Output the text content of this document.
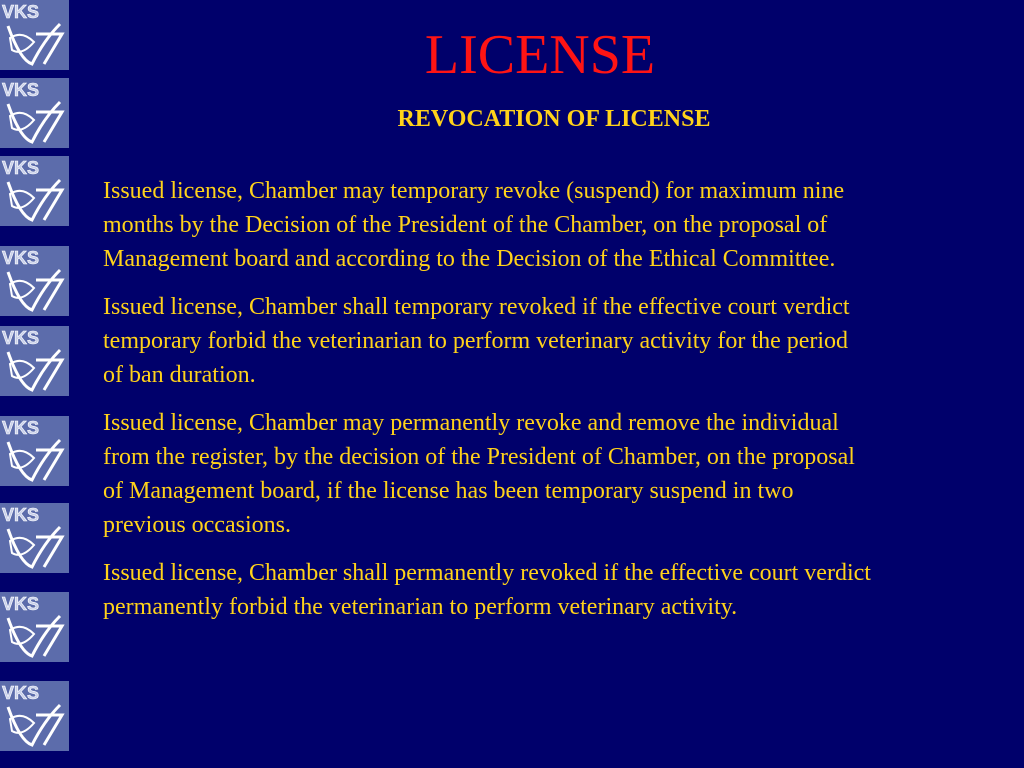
VKS
VKS
VKS
VKS
VKS
VKS
VKS
VKS
VKS
LICENSE
REVOCATION OF LICENSE

Issued license, Chamber may temporary revoke (suspend) for maximum nine months by the Decision of the President of the Chamber, on the proposal of Management board and according to the Decision of the Ethical Committee.

Issued license, Chamber shall temporary revoked if the effective court verdict temporary forbid the veterinarian to perform veterinary activity for the period of ban duration.

Issued license, Chamber may permanently revoke and remove the individual from the register, by the decision of the President of Chamber, on the proposal of Management board, if the license has been temporary suspend in two previous occasions.

Issued license, Chamber shall permanently revoked if the effective court verdict permanently forbid the veterinarian to perform veterinary activity.
